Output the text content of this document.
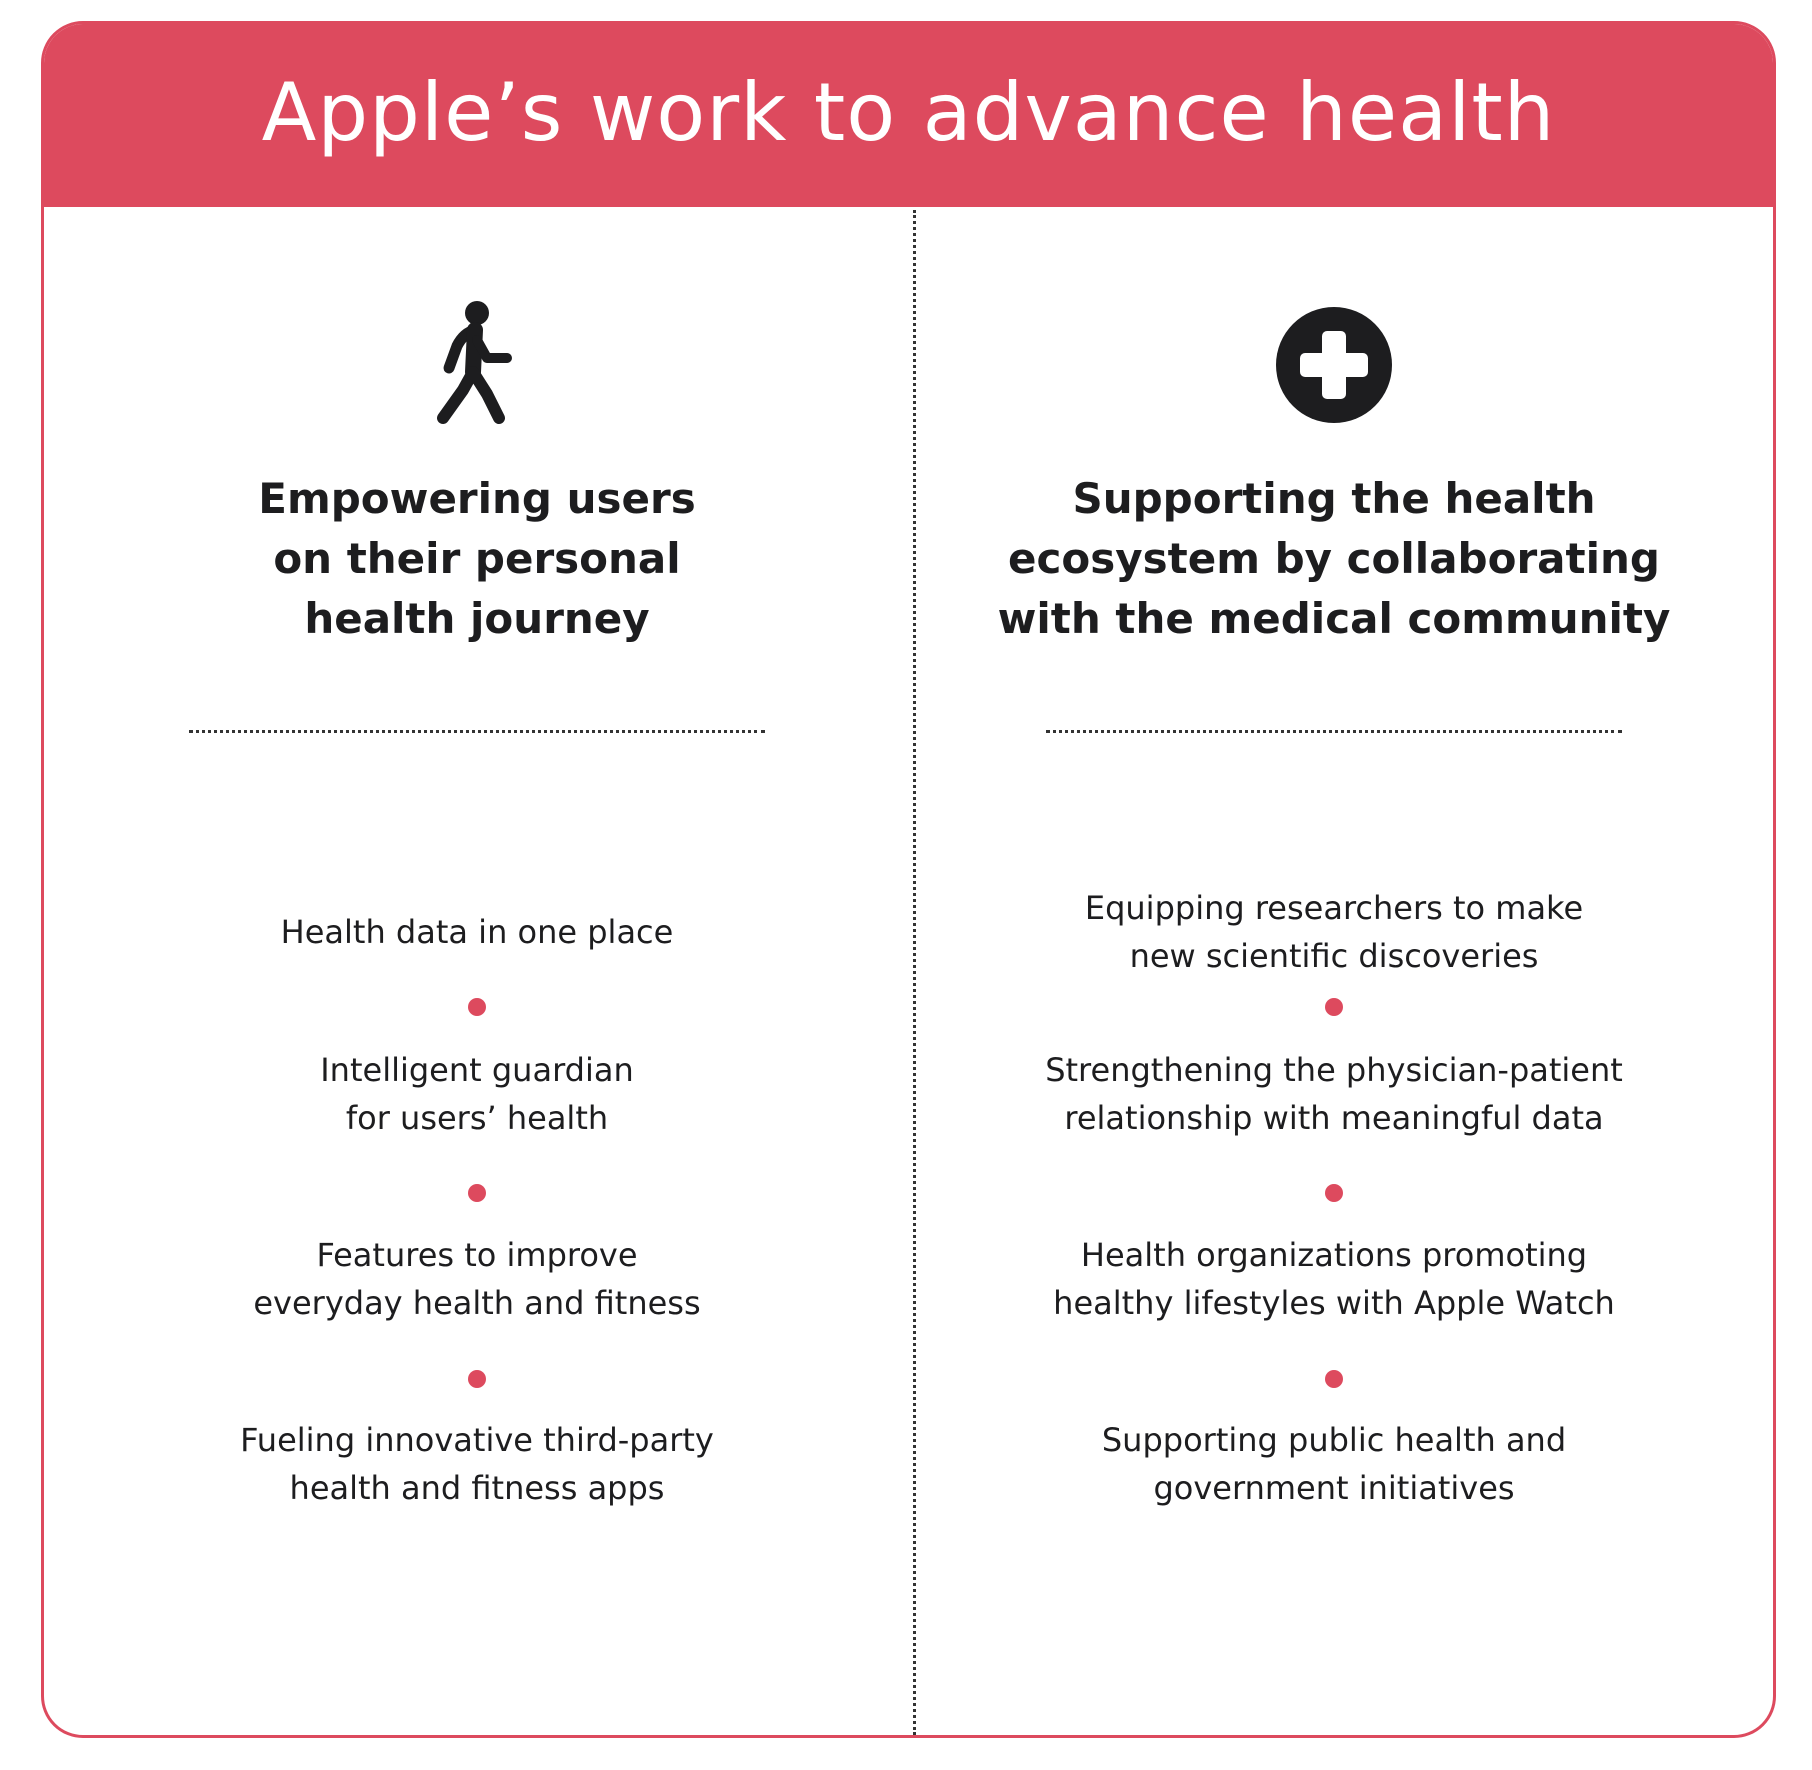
Apple’s work to advance health
Empowering users
on their personal
health journey
Health data in one place
Intelligent guardian
for users’ health
Features to improve
everyday health and fitness
Fueling innovative third-party
health and fitness apps
Supporting the health
ecosystem by collaborating
with the medical community
Equipping researchers to make
new scientific discoveries
Strengthening the physician-patient
relationship with meaningful data
Health organizations promoting
healthy lifestyles with Apple Watch
Supporting public health and
government initiatives
